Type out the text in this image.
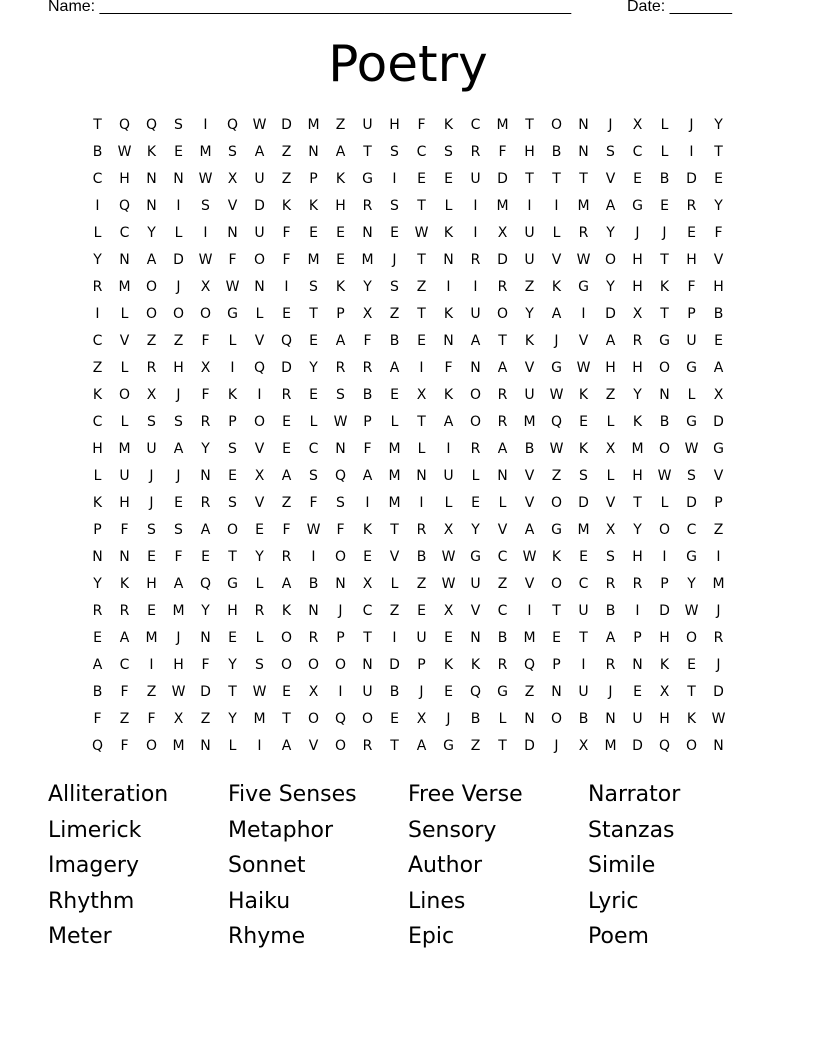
Name: _____________________________________________________	Date: _______
Poetry
T	Q	Q	S	I	Q	W	D	M	Z	U	H	F	K	C	M	T	O	N	J	X	L	J	Y
B	W	K	E	M	S	A	Z	N	A	T	S	C	S	R	F	H	B	N	S	C	L	I	T
C	H	N	N	W	X	U	Z	P	K	G	I	E	E	U	D	T	T	T	V	E	B	D	E
I	Q	N	I	S	V	D	K	K	H	R	S	T	L	I	M	I	I	M	A	G	E	R	Y
L	C	Y	L	I	N	U	F	E	E	N	E	W	K	I	X	U	L	R	Y	J	J	E	F
Y	N	A	D	W	F	O	F	M	E	M	J	T	N	R	D	U	V	W	O	H	T	H	V
R	M	O	J	X	W	N	I	S	K	Y	S	Z	I	I	R	Z	K	G	Y	H	K	F	H
I	L	O	O	O	G	L	E	T	P	X	Z	T	K	U	O	Y	A	I	D	X	T	P	B
C	V	Z	Z	F	L	V	Q	E	A	F	B	E	N	A	T	K	J	V	A	R	G	U	E
Z	L	R	H	X	I	Q	D	Y	R	R	A	I	F	N	A	V	G	W	H	H	O	G	A
K	O	X	J	F	K	I	R	E	S	B	E	X	K	O	R	U	W	K	Z	Y	N	L	X
C	L	S	S	R	P	O	E	L	W	P	L	T	A	O	R	M	Q	E	L	K	B	G	D
H	M	U	A	Y	S	V	E	C	N	F	M	L	I	R	A	B	W	K	X	M	O	W	G
L	U	J	J	N	E	X	A	S	Q	A	M	N	U	L	N	V	Z	S	L	H	W	S	V
K	H	J	E	R	S	V	Z	F	S	I	M	I	L	E	L	V	O	D	V	T	L	D	P
P	F	S	S	A	O	E	F	W	F	K	T	R	X	Y	V	A	G	M	X	Y	O	C	Z
N	N	E	F	E	T	Y	R	I	O	E	V	B	W	G	C	W	K	E	S	H	I	G	I
Y	K	H	A	Q	G	L	A	B	N	X	L	Z	W	U	Z	V	O	C	R	R	P	Y	M
R	R	E	M	Y	H	R	K	N	J	C	Z	E	X	V	C	I	T	U	B	I	D	W	J
E	A	M	J	N	E	L	O	R	P	T	I	U	E	N	B	M	E	T	A	P	H	O	R
A	C	I	H	F	Y	S	O	O	O	N	D	P	K	K	R	Q	P	I	R	N	K	E	J
B	F	Z	W	D	T	W	E	X	I	U	B	J	E	Q	G	Z	N	U	J	E	X	T	D
F	Z	F	X	Z	Y	M	T	O	Q	O	E	X	J	B	L	N	O	B	N	U	H	K	W
Q	F	O	M	N	L	I	A	V	O	R	T	A	G	Z	T	D	J	X	M	D	Q	O	N
Alliteration	Five Senses	Free Verse	Narrator
Limerick	Metaphor	Sensory	Stanzas
Imagery	Sonnet	Author	Simile
Rhythm	Haiku	Lines	Lyric
Meter	Rhyme	Epic	Poem
